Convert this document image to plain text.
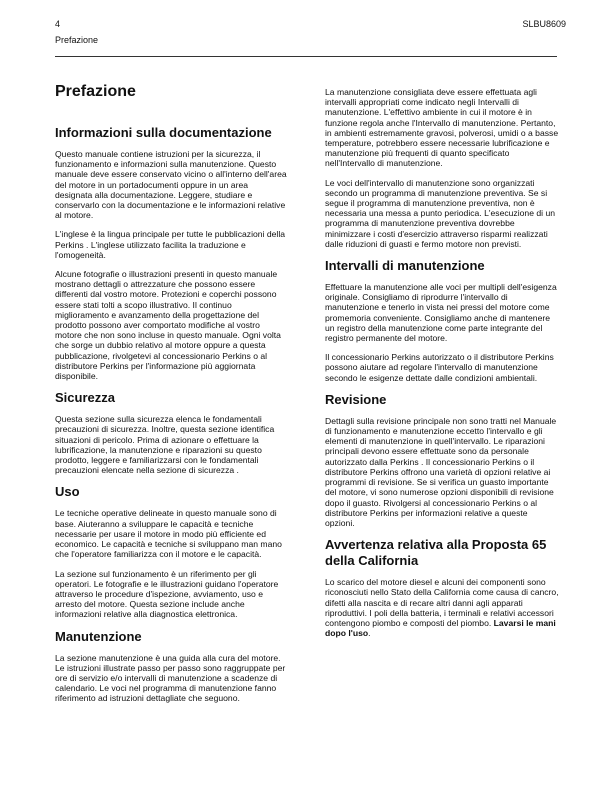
4
Prefazione
SLBU8609
Prefazione
Informazioni sulla documentazione

Questo manuale contiene istruzioni per la sicurezza, il funzionamento e informazioni sulla manutenzione. Questo manuale deve essere conservato vicino o all'interno dell'area del motore in un portadocumenti oppure in un area designata alla documentazione. Leggere, studiare e conservarlo con la documentazione e le informazioni relative al motore.

L'inglese è la lingua principale per tutte le pubblicazioni della Perkins . L'inglese utilizzato facilita la traduzione e l'omogeneità.

Alcune fotografie o illustrazioni presenti in questo manuale mostrano dettagli o attrezzature che possono essere differenti dal vostro motore. Protezioni e coperchi possono essere stati tolti a scopo illustrativo. Il continuo miglioramento e avanzamento della progettazione del prodotto possono aver comportato modifiche al vostro motore che non sono incluse in questo manuale. Ogni volta che sorge un dubbio relativo al motore oppure a questa pubblicazione, rivolgetevi al concessionario Perkins o al distributore Perkins per l'informazione più aggiornata disponibile.

Sicurezza

Questa sezione sulla sicurezza elenca le fondamentali precauzioni di sicurezza. Inoltre, questa sezione identifica situazioni di pericolo. Prima di azionare o effettuare la lubrificazione, la manutenzione e riparazioni su questo prodotto, leggere e familiarizzarsi con le fondamentali precauzioni elencate nella sezione di sicurezza .

Uso

Le tecniche operative delineate in questo manuale sono di base. Aiuteranno a sviluppare le capacità e tecniche necessarie per usare il motore in modo più efficiente ed economico. Le capacità e tecniche si sviluppano man mano che l'operatore familiarizza con il motore e le capacità.

La sezione sul funzionamento è un riferimento per gli operatori. Le fotografie e le illustrazioni guidano l'operatore attraverso le procedure d'ispezione, avviamento, uso e arresto del motore. Questa sezione include anche informazioni relative alla diagnostica elettronica.

Manutenzione

La sezione manutenzione è una guida alla cura del motore. Le istruzioni illustrate passo per passo sono raggruppate per ore di servizio e/o intervalli di manutenzione a scadenze di calendario. Le voci nel programma di manutenzione fanno riferimento ad istruzioni dettagliate che seguono.

La manutenzione consigliata deve essere effettuata agli intervalli appropriati come indicato negli Intervalli di manutenzione. L'effettivo ambiente in cui il motore è in funzione regola anche l'Intervallo di manutenzione. Pertanto, in ambienti estremamente gravosi, polverosi, umidi o a basse temperature, potrebbero essere necessarie lubrificazione e manutenzione più frequenti di quanto specificato nell'Intervallo di manutenzione.

Le voci dell'intervallo di manutenzione sono organizzati secondo un programma di manutenzione preventiva. Se si segue il programma di manutenzione preventiva, non è necessaria una messa a punto periodica. L'esecuzione di un programma di manutenzione preventiva dovrebbe minimizzare i costi d'esercizio attraverso risparmi realizzati dalle riduzioni di guasti e fermo motore non previsti.

Intervalli di manutenzione

Effettuare la manutenzione alle voci per multipli dell'esigenza originale. Consigliamo di riprodurre l'intervallo di manutenzione e tenerlo in vista nei pressi del motore come promemoria conveniente. Consigliamo anche di mantenere un registro della manutenzione come parte integrante del registro permanente del motore.

Il concessionario Perkins autorizzato o il distributore Perkins possono aiutare ad regolare l'intervallo di manutenzione secondo le esigenze dettate dalle condizioni ambientali.

Revisione

Dettagli sulla revisione principale non sono tratti nel Manuale di funzionamento e manutenzione eccetto l'intervallo e gli elementi di manutenzione in quell'intervallo. Le riparazioni principali devono essere effettuate sono da personale autorizzato dalla Perkins . Il concessionario Perkins o il distributore Perkins offrono una varietà di opzioni relative ai programmi di revisione. Se si verifica un guasto importante del motore, vi sono numerose opzioni disponibili di revisione dopo il guasto. Rivolgersi al concessionario Perkins o al distributore Perkins per informazioni relative a queste opzioni.

Avvertenza relativa alla Proposta 65 della California

Lo scarico del motore diesel e alcuni dei componenti sono riconosciuti nello Stato della California come causa di cancro, difetti alla nascita e di recare altri danni agli apparati riproduttivi. I poli della batteria, i terminali e relativi accessori contengono piombo e composti del piombo. Lavarsi le mani dopo l'uso.
